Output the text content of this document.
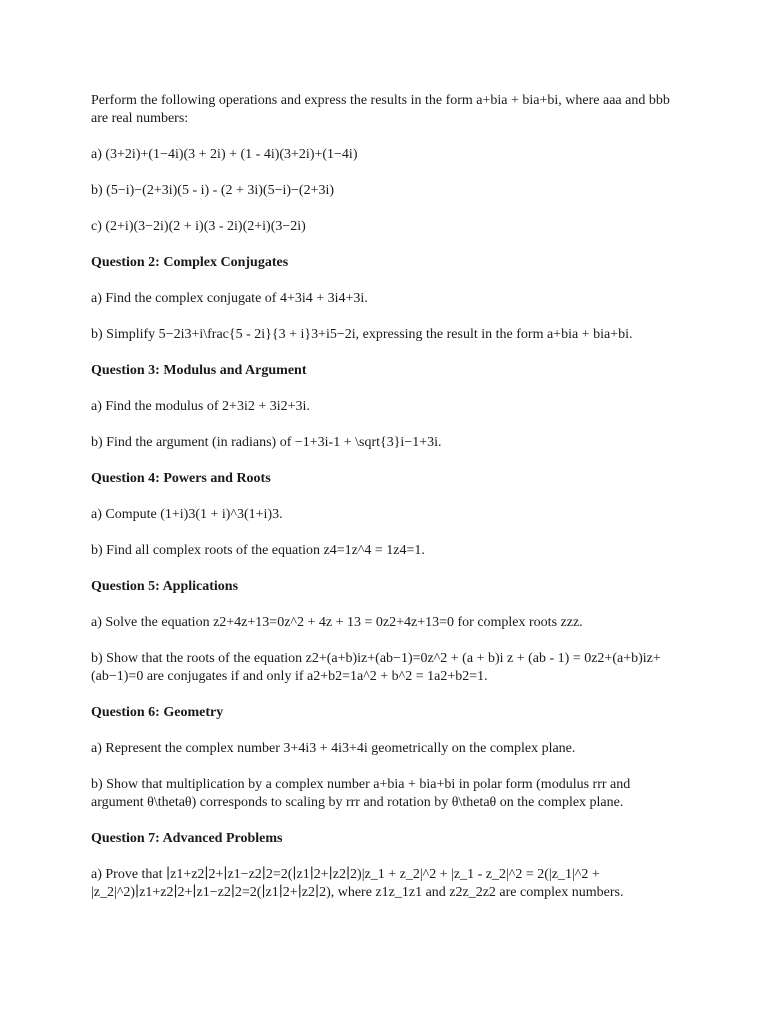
Perform the following operations and express the results in the form a+bia + bia+bi, where aaa and bbb are real numbers:

a) (3+2i)+(1−4i)(3 + 2i) + (1 - 4i)(3+2i)+(1−4i)

b) (5−i)−(2+3i)(5 - i) - (2 + 3i)(5−i)−(2+3i)

c) (2+i)(3−2i)(2 + i)(3 - 2i)(2+i)(3−2i)

Question 2: Complex Conjugates

a) Find the complex conjugate of 4+3i4 + 3i4+3i.

b) Simplify 5−2i3+i\frac{5 - 2i}{3 + i}3+i5−2i, expressing the result in the form a+bia + bia+bi.

Question 3: Modulus and Argument

a) Find the modulus of 2+3i2 + 3i2+3i.

b) Find the argument (in radians) of −1+3i-1 + \sqrt{3}i−1+3i.

Question 4: Powers and Roots

a) Compute (1+i)3(1 + i)^3(1+i)3.

b) Find all complex roots of the equation z4=1z^4 = 1z4=1.

Question 5: Applications

a) Solve the equation z2+4z+13=0z^2 + 4z + 13 = 0z2+4z+13=0 for complex roots zzz.

b) Show that the roots of the equation z2+(a+b)iz+(ab−1)=0z^2 + (a + b)i z + (ab - 1) = 0z2+(a+b)iz+(ab−1)=0 are conjugates if and only if a2+b2=1a^2 + b^2 = 1a2+b2=1.

Question 6: Geometry

a) Represent the complex number 3+4i3 + 4i3+4i geometrically on the complex plane.

b) Show that multiplication by a complex number a+bia + bia+bi in polar form (modulus rrr and argument θ\thetaθ) corresponds to scaling by rrr and rotation by θ\thetaθ on the complex plane.

Question 7: Advanced Problems

a) Prove that ∣z1+z2∣2+∣z1−z2∣2=2(∣z1∣2+∣z2∣2)|z_1 + z_2|^2 + |z_1 - z_2|^2 = 2(|z_1|^2 + |z_2|^2)∣z1+z2∣2+∣z1−z2∣2=2(∣z1∣2+∣z2∣2), where z1z_1z1 and z2z_2z2 are complex numbers.
